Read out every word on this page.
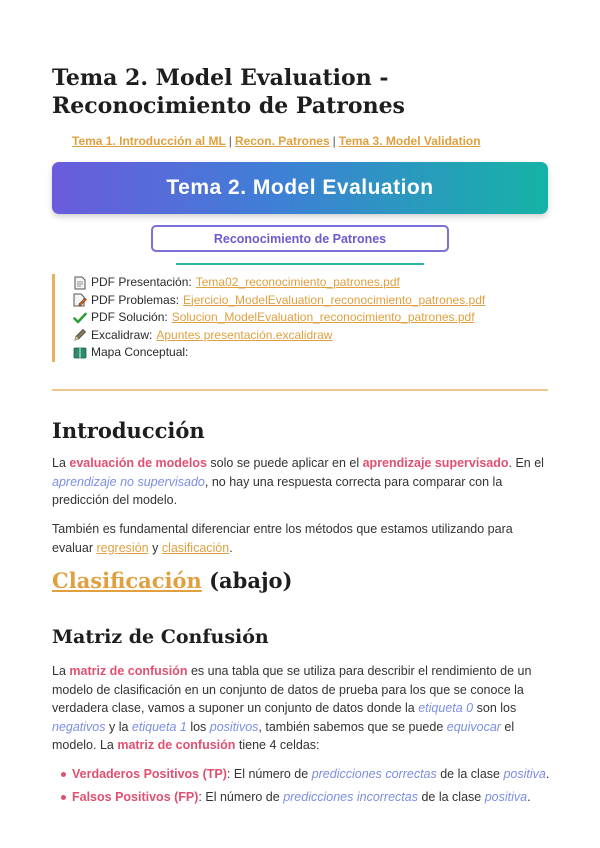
Tema 2. Model Evaluation - Reconocimiento de Patrones
Tema 1. Introducción al ML | Recon. Patrones | Tema 3. Model Validation
Tema 2. Model Evaluation
Reconocimiento de Patrones
PDF Presentación: Tema02_reconocimiento_patrones.pdf
PDF Problemas: Ejercicio_ModelEvaluation_reconocimiento_patrones.pdf
PDF Solución: Solucion_ModelEvaluation_reconocimiento_patrones.pdf
Excalidraw: Apuntes presentación.excalidraw
Mapa Conceptual:
Introducción
La evaluación de modelos solo se puede aplicar en el aprendizaje supervisado. En el aprendizaje no supervisado, no hay una respuesta correcta para comparar con la predicción del modelo.
También es fundamental diferenciar entre los métodos que estamos utilizando para evaluar regresión y clasificación.
Clasificación (abajo)
Matriz de Confusión
La matriz de confusión es una tabla que se utiliza para describir el rendimiento de un modelo de clasificación en un conjunto de datos de prueba para los que se conoce la verdadera clase, vamos a suponer un conjunto de datos donde la etiqueta 0 son los negativos y la etiqueta 1 los positivos, también sabemos que se puede equivocar el modelo. La matriz de confusión tiene 4 celdas:
Verdaderos Positivos (TP): El número de predicciones correctas de la clase positiva.
Falsos Positivos (FP): El número de predicciones incorrectas de la clase positiva.
